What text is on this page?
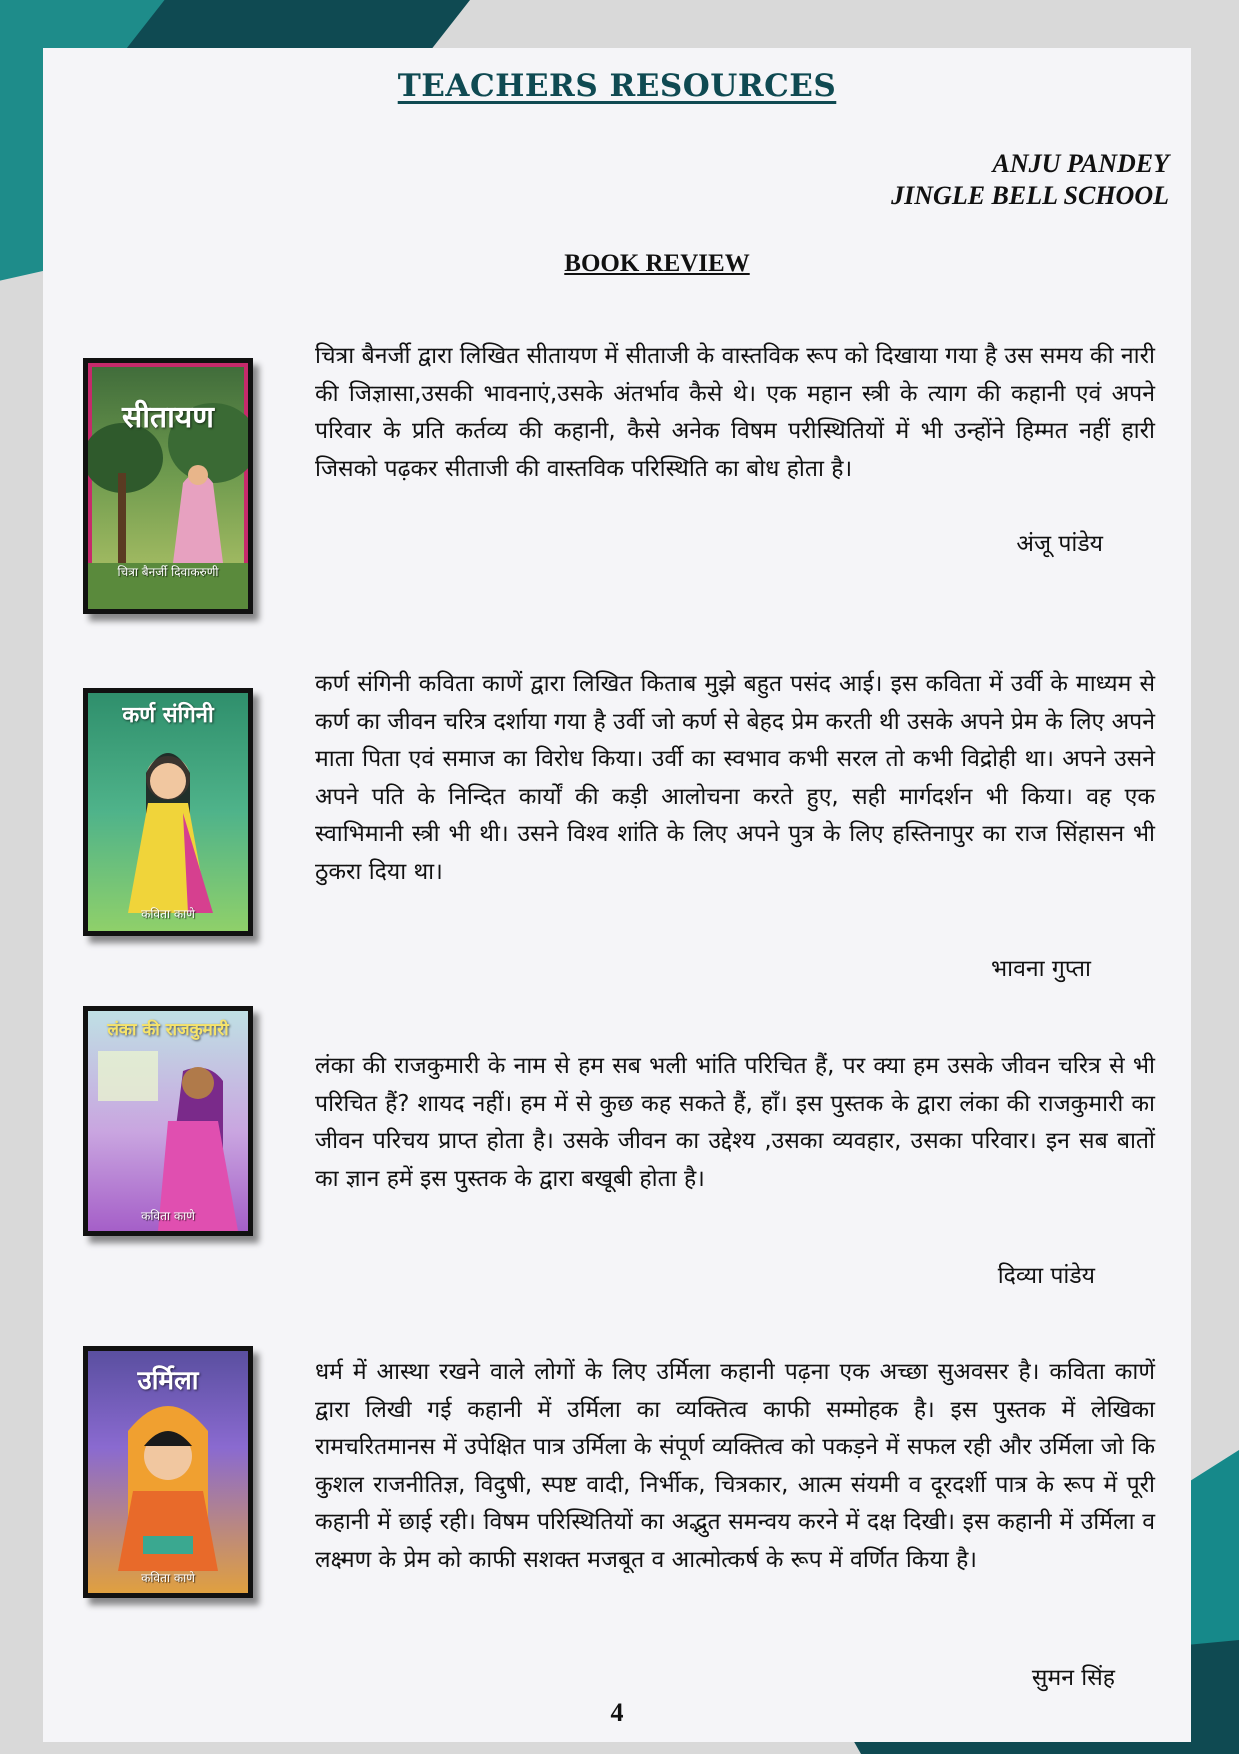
TEACHERS RESOURCES
ANJU PANDEY
JINGLE BELL SCHOOL
BOOK REVIEW
सीतायण
चित्रा बैनर्जी दिवाकरुणी

चित्रा बैनर्जी द्वारा लिखित सीतायण में सीताजी के वास्तविक रूप को दिखाया गया है उस समय की नारी की जिज्ञासा,उसकी भावनाएं,उसके अंतर्भाव कैसे थे। एक महान स्त्री के त्याग की कहानी एवं अपने परिवार के प्रति कर्तव्य की कहानी, कैसे अनेक विषम परीस्थितियों में भी उन्होंने हिम्मत नहीं हारी जिसको पढ़कर सीताजी की वास्तविक परिस्थिति का बोध होता है।

अंजू पांडेय
कर्ण संगिनी
कविता काणे

कर्ण संगिनी कविता काणें द्वारा लिखित किताब मुझे बहुत पसंद आई। इस कविता में उर्वी के माध्यम से कर्ण का जीवन चरित्र दर्शाया गया है उर्वी जो कर्ण से बेहद प्रेम करती थी उसके अपने प्रेम के लिए अपने माता पिता एवं समाज का विरोध किया। उर्वी का स्वभाव कभी सरल तो कभी विद्रोही था। अपने उसने अपने पति के निन्दित कार्यों की कड़ी आलोचना करते हुए, सही मार्गदर्शन भी किया। वह एक स्वाभिमानी स्त्री भी थी। उसने विश्व शांति के लिए अपने पुत्र के लिए हस्तिनापुर का राज सिंहासन भी ठुकरा दिया था।

भावना गुप्ता
लंका की राजकुमारी
कविता काणे

लंका की राजकुमारी के नाम से हम सब भली भांति परिचित हैं, पर क्या हम उसके जीवन चरित्र से भी परिचित हैं? शायद नहीं। हम में से कुछ कह सकते हैं, हाँ। इस पुस्तक के द्वारा लंका की राजकुमारी का जीवन परिचय प्राप्त होता है। उसके जीवन का उद्देश्य ,उसका व्यवहार, उसका परिवार। इन सब बातों का ज्ञान हमें इस पुस्तक के द्वारा बखूबी होता है।

दिव्या पांडेय
उर्मिला
कविता काणे

धर्म में आस्था रखने वाले लोगों के लिए उर्मिला कहानी पढ़ना एक अच्छा सुअवसर है। कविता काणें द्वारा लिखी गई कहानी में उर्मिला का व्यक्तित्व काफी सम्मोहक है। इस पुस्तक में लेखिका रामचरितमानस में उपेक्षित पात्र उर्मिला के संपूर्ण व्यक्तित्व को पकड़ने में सफल रही और उर्मिला जो कि कुशल राजनीतिज्ञ, विदुषी, स्पष्ट वादी, निर्भीक, चित्रकार, आत्म संयमी व दूरदर्शी पात्र के रूप में पूरी कहानी में छाई रही। विषम परिस्थितियों का अद्भुत समन्वय करने में दक्ष दिखी। इस कहानी में उर्मिला व लक्ष्मण के प्रेम को काफी सशक्त मजबूत व आत्मोत्कर्ष के रूप में वर्णित किया है।

सुमन सिंह
4
